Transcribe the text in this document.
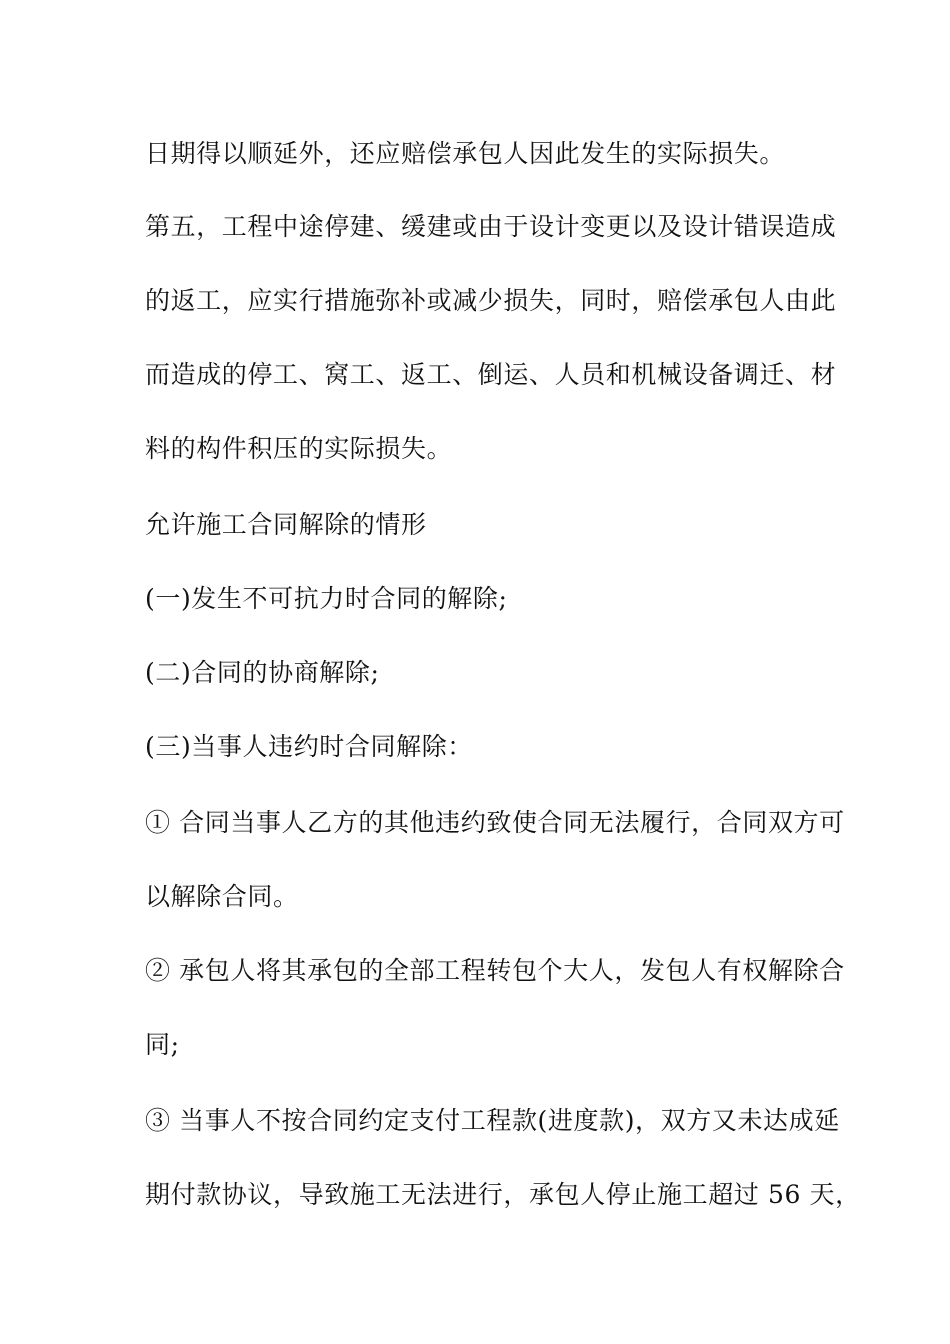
日期得以顺延外，还应赔偿承包人因此发生的实际损失。

第五，工程中途停建、缓建或由于设计变更以及设计错误造成

的返工，应实行措施弥补或减少损失，同时，赔偿承包人由此

而造成的停工、窝工、返工、倒运、人员和机械设备调迁、材

料的构件积压的实际损失。

允许施工合同解除的情形

(一)发生不可抗力时合同的解除;

(二)合同的协商解除;

(三)当事人违约时合同解除：

① 合同当事人乙方的其他违约致使合同无法履行，合同双方可

以解除合同。

② 承包人将其承包的全部工程转包个大人，发包人有权解除合

同;

③ 当事人不按合同约定支付工程款(进度款)，双方又未达成延

期付款协议，导致施工无法进行，承包人停止施工超过 56 天，
